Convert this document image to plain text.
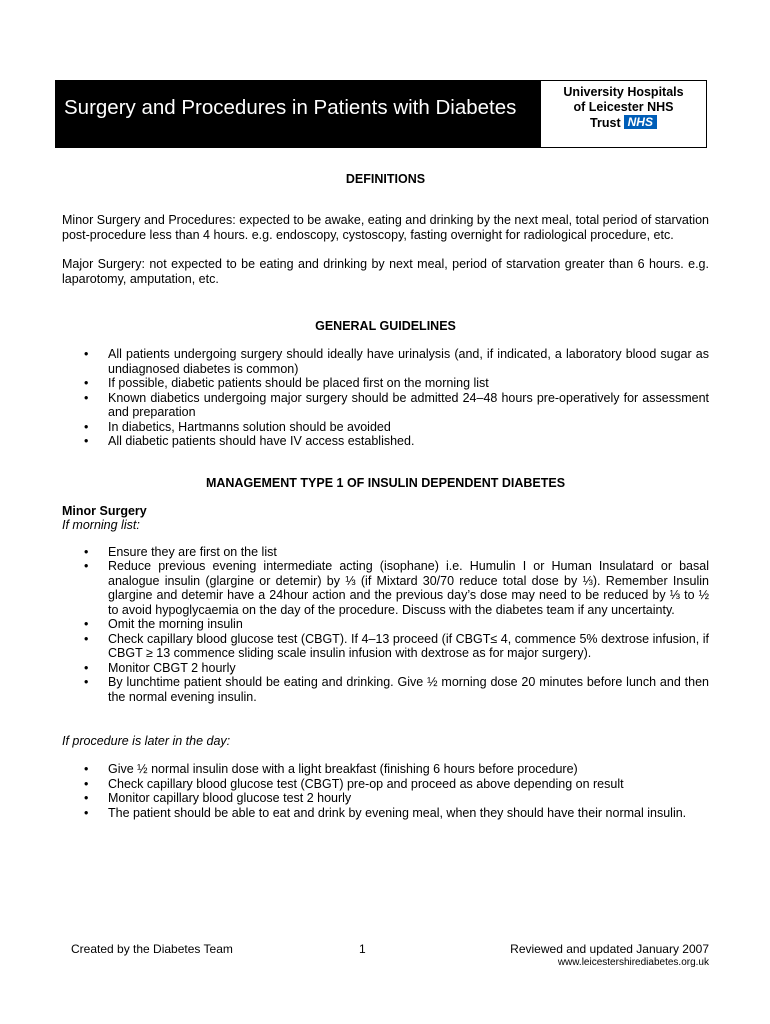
Surgery and Procedures in Patients with Diabetes
University Hospitals
of Leicester NHS
Trust NHS
DEFINITIONS

Minor Surgery and Procedures: expected to be awake, eating and drinking by the next meal, total period of starvation post-procedure less than 4 hours. e.g. endoscopy, cystoscopy, fasting overnight for radiological procedure, etc.

Major Surgery: not expected to be eating and drinking by next meal, period of starvation greater than 6 hours. e.g. laparotomy, amputation, etc.

GENERAL GUIDELINES
• All patients undergoing surgery should ideally have urinalysis (and, if indicated, a laboratory blood sugar as undiagnosed diabetes is common)
• If possible, diabetic patients should be placed first on the morning list
• Known diabetics undergoing major surgery should be admitted 24–48 hours pre-operatively for assessment and preparation
• In diabetics, Hartmanns solution should be avoided
• All diabetic patients should have IV access established.
MANAGEMENT TYPE 1 OF INSULIN DEPENDENT DIABETES
Minor Surgery
If morning list:
• Ensure they are first on the list
• Reduce previous evening intermediate acting (isophane) i.e. Humulin I or Human Insulatard or basal analogue insulin (glargine or detemir) by ⅓ (if Mixtard 30/70 reduce total dose by ⅓). Remember Insulin glargine and detemir have a 24hour action and the previous day’s dose may need to be reduced by ⅓ to ½ to avoid hypoglycaemia on the day of the procedure. Discuss with the diabetes team if any uncertainty.
• Omit the morning insulin
• Check capillary blood glucose test (CBGT). If 4–13 proceed (if CBGT≤ 4, commence 5% dextrose infusion, if CBGT ≥ 13 commence sliding scale insulin infusion with dextrose as for major surgery).
• Monitor CBGT 2 hourly
• By lunchtime patient should be eating and drinking. Give ½ morning dose 20 minutes before lunch and then the normal evening insulin.
If procedure is later in the day:
• Give ½ normal insulin dose with a light breakfast (finishing 6 hours before procedure)
• Check capillary blood glucose test (CBGT) pre-op and proceed as above depending on result
• Monitor capillary blood glucose test 2 hourly
• The patient should be able to eat and drink by evening meal, when they should have their normal insulin.
Created by the Diabetes Team	1	Reviewed and updated January 2007
www.leicestershirediabetes.org.uk
